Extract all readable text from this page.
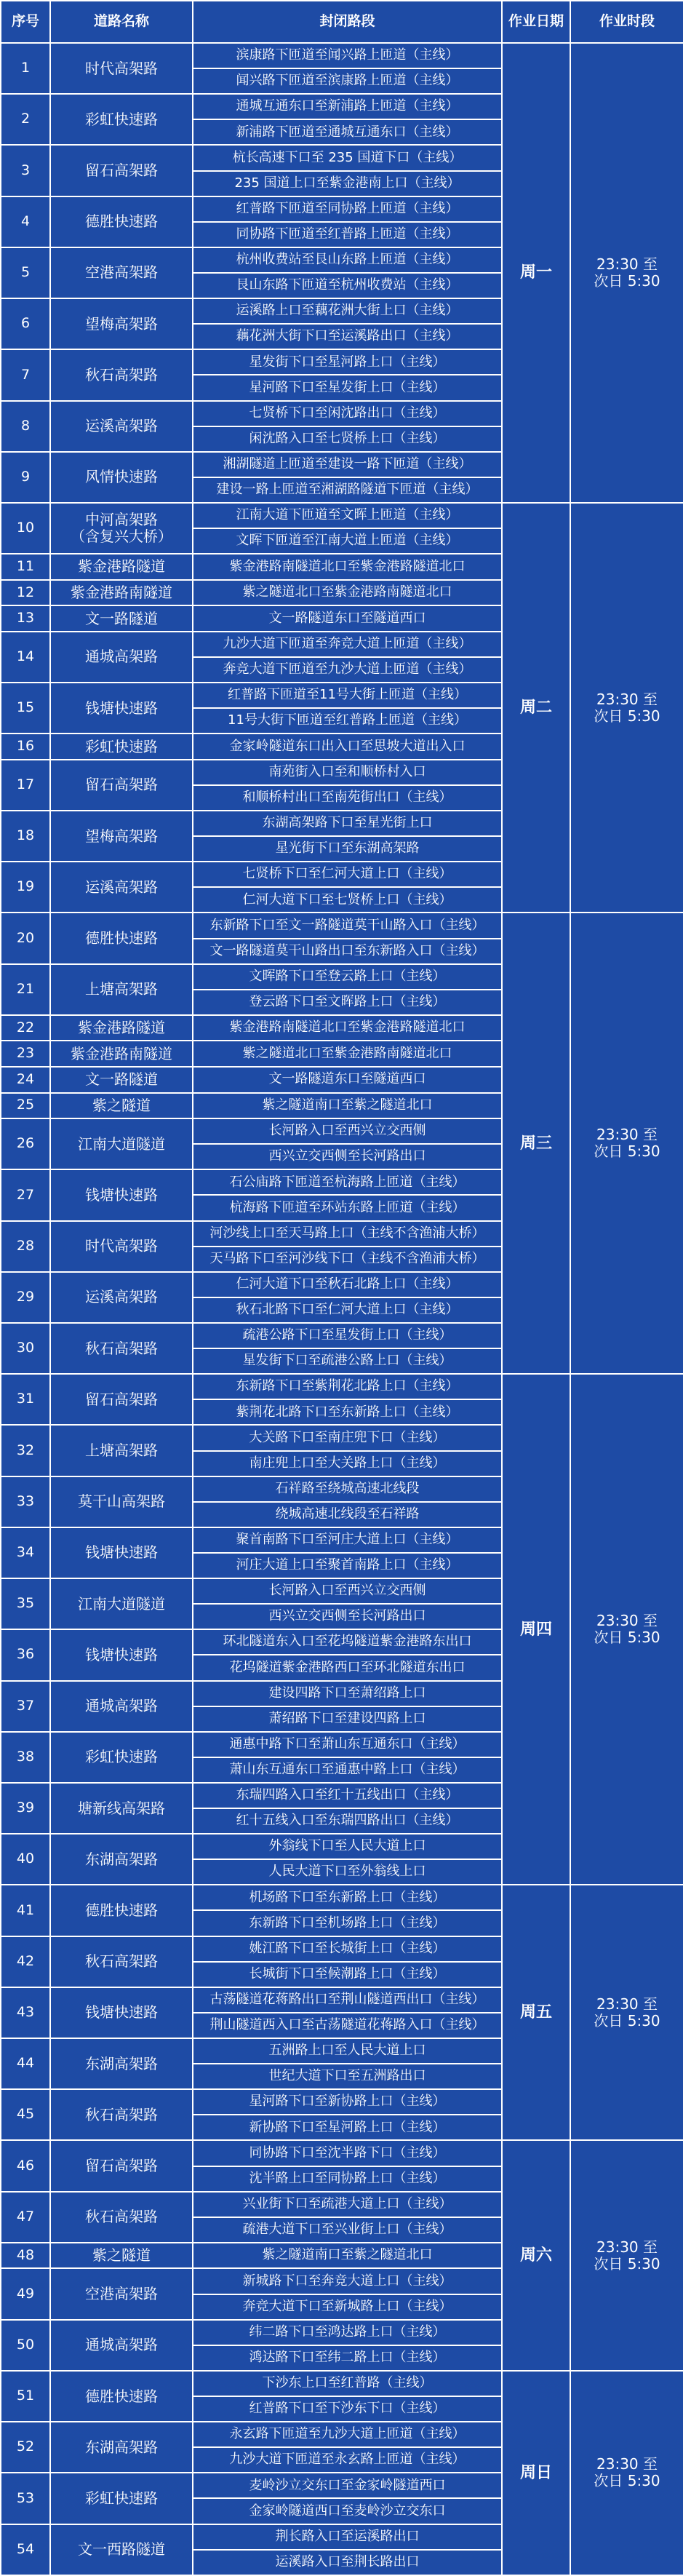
序号	道路名称	封闭路段	作业日期	作业时段
1	时代高架路	滨康路下匝道至闻兴路上匝道（主线）	周一	23:30 至
次日 5:30
		闻兴路下匝道至滨康路上匝道（主线）		
2	彩虹快速路	通城互通东口至新浦路上匝道（主线）		
		新浦路下匝道至通城互通东口（主线）		
3	留石高架路	杭长高速下口至 235 国道下口（主线）		
		235 国道上口至紫金港南上口（主线）		
4	德胜快速路	红普路下匝道至同协路上匝道（主线）		
		同协路下匝道至红普路上匝道（主线）		
5	空港高架路	杭州收费站至艮山东路上匝道（主线）		
		艮山东路下匝道至杭州收费站（主线）		
6	望梅高架路	运溪路上口至藕花洲大街上口（主线）		
		藕花洲大街下口至运溪路出口（主线）		
7	秋石高架路	星发街下口至星河路上口（主线）		
		星河路下口至星发街上口（主线）		
8	运溪高架路	七贤桥下口至闲沈路出口（主线）		
		闲沈路入口至七贤桥上口（主线）		
9	风情快速路	湘湖隧道上匝道至建设一路下匝道（主线）		
		建设一路上匝道至湘湖路隧道下匝道（主线）		
10	中河高架路
（含复兴大桥）	江南大道下匝道至文晖上匝道（主线）	周二	23:30 至
次日 5:30
		文晖下匝道至江南大道上匝道（主线）		
11	紫金港路隧道	紫金港路南隧道北口至紫金港路隧道北口		
12	紫金港路南隧道	紫之隧道北口至紫金港路南隧道北口		
13	文一路隧道	文一路隧道东口至隧道西口		
14	通城高架路	九沙大道下匝道至奔竞大道上匝道（主线）		
		奔竞大道下匝道至九沙大道上匝道（主线）		
15	钱塘快速路	红普路下匝道至11号大街上匝道（主线）		
		11号大街下匝道至红普路上匝道（主线）		
16	彩虹快速路	金家岭隧道东口出入口至思坡大道出入口		
17	留石高架路	南苑街入口至和顺桥村入口		
		和顺桥村出口至南苑街出口（主线）		
18	望梅高架路	东湖高架路下口至星光街上口		
		星光街下口至东湖高架路		
19	运溪高架路	七贤桥下口至仁河大道上口（主线）		
		仁河大道下口至七贤桥上口（主线）		
20	德胜快速路	东新路下口至文一路隧道莫干山路入口（主线）	周三	23:30 至
次日 5:30
		文一路隧道莫干山路出口至东新路入口（主线）		
21	上塘高架路	文晖路下口至登云路上口（主线）		
		登云路下口至文晖路上口（主线）		
22	紫金港路隧道	紫金港路南隧道北口至紫金港路隧道北口		
23	紫金港路南隧道	紫之隧道北口至紫金港路南隧道北口		
24	文一路隧道	文一路隧道东口至隧道西口		
25	紫之隧道	紫之隧道南口至紫之隧道北口		
26	江南大道隧道	长河路入口至西兴立交西侧		
		西兴立交西侧至长河路出口		
27	钱塘快速路	石公庙路下匝道至杭海路上匝道（主线）		
		杭海路下匝道至环站东路上匝道（主线）		
28	时代高架路	河沙线上口至天马路上口（主线不含渔浦大桥）		
		天马路下口至河沙线下口（主线不含渔浦大桥）		
29	运溪高架路	仁河大道下口至秋石北路上口（主线）		
		秋石北路下口至仁河大道上口（主线）		
30	秋石高架路	疏港公路下口至星发街上口（主线）		
		星发街下口至疏港公路上口（主线）		
31	留石高架路	东新路下口至紫荆花北路上口（主线）	周四	23:30 至
次日 5:30
		紫荆花北路下口至东新路上口（主线）		
32	上塘高架路	大关路下口至南庄兜下口（主线）		
		南庄兜上口至大关路上口（主线）		
33	莫干山高架路	石祥路至绕城高速北线段		
		绕城高速北线段至石祥路		
34	钱塘快速路	聚首南路下口至河庄大道上口（主线）		
		河庄大道上口至聚首南路上口（主线）		
35	江南大道隧道	长河路入口至西兴立交西侧		
		西兴立交西侧至长河路出口		
36	钱塘快速路	环北隧道东入口至花坞隧道紫金港路东出口		
		花坞隧道紫金港路西口至环北隧道东出口		
37	通城高架路	建设四路下口至萧绍路上口		
		萧绍路下口至建设四路上口		
38	彩虹快速路	通惠中路下口至萧山东互通东口（主线）		
		萧山东互通东口至通惠中路上口（主线）		
39	塘新线高架路	东瑞四路入口至红十五线出口（主线）		
		红十五线入口至东瑞四路出口（主线）		
40	东湖高架路	外翁线下口至人民大道上口		
		人民大道下口至外翁线上口		
41	德胜快速路	机场路下口至东新路上口（主线）	周五	23:30 至
次日 5:30
		东新路下口至机场路上口（主线）		
42	秋石高架路	姚江路下口至长城街上口（主线）		
		长城街下口至候潮路上口（主线）		
43	钱塘快速路	古荡隧道花蒋路出口至荆山隧道西出口（主线）		
		荆山隧道西入口至古荡隧道花蒋路入口（主线）		
44	东湖高架路	五洲路上口至人民大道上口		
		世纪大道下口至五洲路出口		
45	秋石高架路	星河路下口至新协路上口（主线）		
		新协路下口至星河路上口（主线）		
46	留石高架路	同协路下口至沈半路下口（主线）	周六	23:30 至
次日 5:30
		沈半路上口至同协路上口（主线）		
47	秋石高架路	兴业街下口至疏港大道上口（主线）		
		疏港大道下口至兴业街上口（主线）		
48	紫之隧道	紫之隧道南口至紫之隧道北口		
49	空港高架路	新城路下口至奔竞大道上口（主线）		
		奔竞大道下口至新城路上口（主线）		
50	通城高架路	纬二路下口至鸿达路上口（主线）		
		鸿达路下口至纬二路上口（主线）		
51	德胜快速路	下沙东上口至红普路（主线）	周日	23:30 至
次日 5:30
		红普路下口至下沙东下口（主线）		
52	东湖高架路	永玄路下匝道至九沙大道上匝道（主线）		
		九沙大道下匝道至永玄路上匝道（主线）		
53	彩虹快速路	麦岭沙立交东口至金家岭隧道西口		
		金家岭隧道西口至麦岭沙立交东口		
54	文一西路隧道	荆长路入口至运溪路出口		
		运溪路入口至荆长路出口		
